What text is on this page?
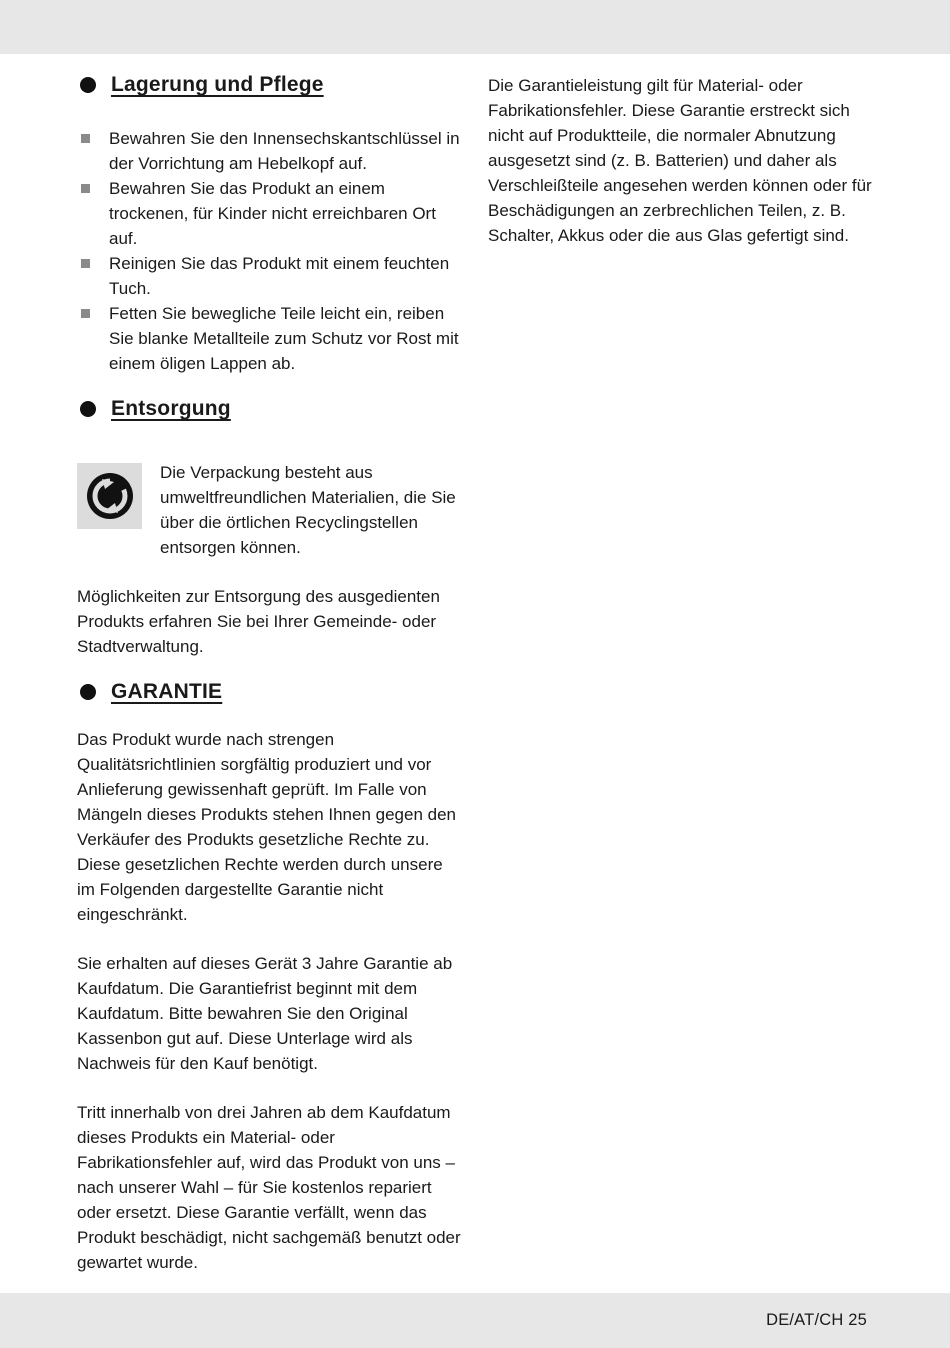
Lagerung und Pflege
Bewahren Sie den Innensechskantschlüssel in der Vorrichtung am Hebelkopf auf.
Bewahren Sie das Produkt an einem trockenen, für Kinder nicht erreichbaren Ort auf.
Reinigen Sie das Produkt mit einem feuchten Tuch.
Fetten Sie bewegliche Teile leicht ein, reiben Sie blanke Metallteile zum Schutz vor Rost mit einem öligen Lappen ab.
Entsorgung

Die Verpackung besteht aus umweltfreundlichen Materialien, die Sie über die örtlichen Recyclingstellen entsorgen können.

Möglichkeiten zur Entsorgung des ausgedienten Produkts erfahren Sie bei Ihrer Gemeinde- oder Stadtverwaltung.

GARANTIE

Das Produkt wurde nach strengen Qualitätsrichtlinien sorgfältig produziert und vor Anlieferung gewissenhaft geprüft. Im Falle von Mängeln dieses Produkts stehen Ihnen gegen den Verkäufer des Produkts gesetzliche Rechte zu. Diese gesetzlichen Rechte werden durch unsere im Folgenden dargestellte Garantie nicht eingeschränkt.

Sie erhalten auf dieses Gerät 3 Jahre Garantie ab Kaufdatum. Die Garantiefrist beginnt mit dem Kaufdatum. Bitte bewahren Sie den Original Kassenbon gut auf. Diese Unterlage wird als Nachweis für den Kauf benötigt.

Tritt innerhalb von drei Jahren ab dem Kaufdatum dieses Produkts ein Material- oder Fabrikationsfehler auf, wird das Produkt von uns – nach unserer Wahl – für Sie kostenlos repariert oder ersetzt. Diese Garantie verfällt, wenn das Produkt beschädigt, nicht sachgemäß benutzt oder gewartet wurde.

Die Garantieleistung gilt für Material- oder Fabrikationsfehler. Diese Garantie erstreckt sich nicht auf Produktteile, die normaler Abnutzung ausgesetzt sind (z. B. Batterien) und daher als Verschleißteile angesehen werden können oder für Beschädigungen an zerbrechlichen Teilen, z. B. Schalter, Akkus oder die aus Glas gefertigt sind.

DE/AT/CH 25
